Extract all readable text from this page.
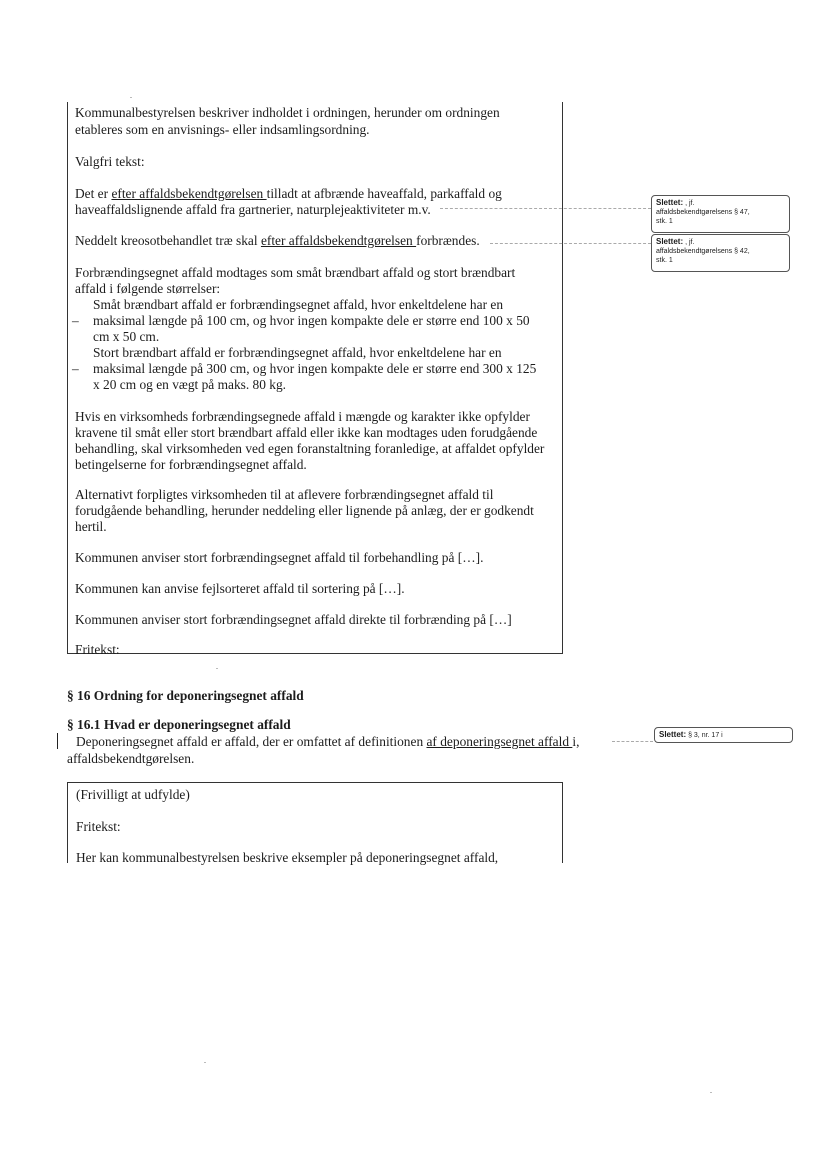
Kommunalbestyrelsen beskriver indholdet i ordningen, herunder om ordningen

etableres som en anvisnings- eller indsamlingsordning.

Valgfri tekst:

Det er efter affaldsbekendtgørelsen tilladt at afbrænde haveaffald, parkaffald og

haveaffaldslignende affald fra gartnerier, naturplejeaktiviteter m.v.

Neddelt kreosotbehandlet træ skal efter affaldsbekendtgørelsen forbrændes.

Forbrændingsegnet affald modtages som småt brændbart affald og stort brændbart

affald i følgende størrelser:

Småt brændbart affald er forbrændingsegnet affald, hvor enkeltdelene har en

– maksimal længde på 100 cm, og hvor ingen kompakte dele er større end 100 x 50

cm x 50 cm.

Stort brændbart affald er forbrændingsegnet affald, hvor enkeltdelene har en

– maksimal længde på 300 cm, og hvor ingen kompakte dele er større end 300 x 125

x 20 cm og en vægt på maks. 80 kg.

Hvis en virksomheds forbrændingsegnede affald i mængde og karakter ikke opfylder

kravene til småt eller stort brændbart affald eller ikke kan modtages uden forudgående

behandling, skal virksomheden ved egen foranstaltning foranledige, at affaldet opfylder

betingelserne for forbrændingsegnet affald.

Alternativt forpligtes virksomheden til at aflevere forbrændingsegnet affald til

forudgående behandling, herunder neddeling eller lignende på anlæg, der er godkendt

hertil.

Kommunen anviser stort forbrændingsegnet affald til forbehandling på […].

Kommunen kan anvise fejlsorteret affald til sortering på […].

Kommunen anviser stort forbrændingsegnet affald direkte til forbrænding på […]

Fritekst:

§ 16 Ordning for deponeringsegnet affald

§ 16.1 Hvad er deponeringsegnet affald

Deponeringsegnet affald er affald, der er omfattet af definitionen af deponeringsegnet affald i,

affaldsbekendtgørelsen.

(Frivilligt at udfylde)

Fritekst:

Her kan kommunalbestyrelsen beskrive eksempler på deponeringsegnet affald,

Slettet: , jf.
affaldsbekendtgørelsens § 47,
stk. 1
Slettet: , jf.
affaldsbekendtgørelsens § 42,
stk. 1
Slettet: § 3, nr. 17 i
